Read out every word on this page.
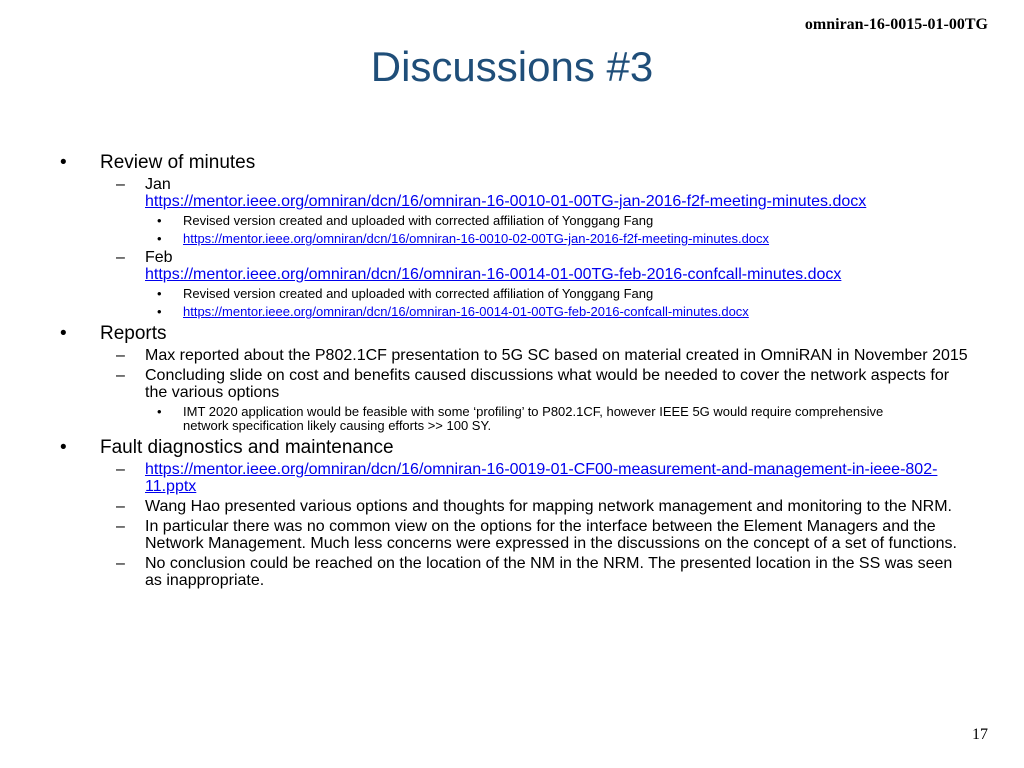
omniran-16-0015-01-00TG
Discussions #3
• Review of minutes
– Jan
https://mentor.ieee.org/omniran/dcn/16/omniran-16-0010-01-00TG-jan-2016-f2f-meeting-minutes.docx
• Revised version created and uploaded with corrected affiliation of Yonggang Fang
• https://mentor.ieee.org/omniran/dcn/16/omniran-16-0010-02-00TG-jan-2016-f2f-meeting-minutes.docx
– Feb
https://mentor.ieee.org/omniran/dcn/16/omniran-16-0014-01-00TG-feb-2016-confcall-minutes.docx
• Revised version created and uploaded with corrected affiliation of Yonggang Fang
• https://mentor.ieee.org/omniran/dcn/16/omniran-16-0014-01-00TG-feb-2016-confcall-minutes.docx
• Reports
– Max reported about the P802.1CF presentation to 5G SC based on material created in OmniRAN in November 2015
– Concluding slide on cost and benefits caused discussions what would be needed to cover the network aspects for the various options
• IMT 2020 application would be feasible with some ‘profiling’ to P802.1CF, however IEEE 5G would require comprehensive network specification likely causing efforts >> 100 SY.
• Fault diagnostics and maintenance
– https://mentor.ieee.org/omniran/dcn/16/omniran-16-0019-01-CF00-measurement-and-management-in-ieee-802-11.pptx
– Wang Hao presented various options and thoughts for mapping network management and monitoring to the NRM.
– In particular there was no common view on the options for the interface between the Element Managers and the Network Management. Much less concerns were expressed in the discussions on the concept of a set of functions.
– No conclusion could be reached on the location of the NM in the NRM. The presented location in the SS was seen as inappropriate.
17
